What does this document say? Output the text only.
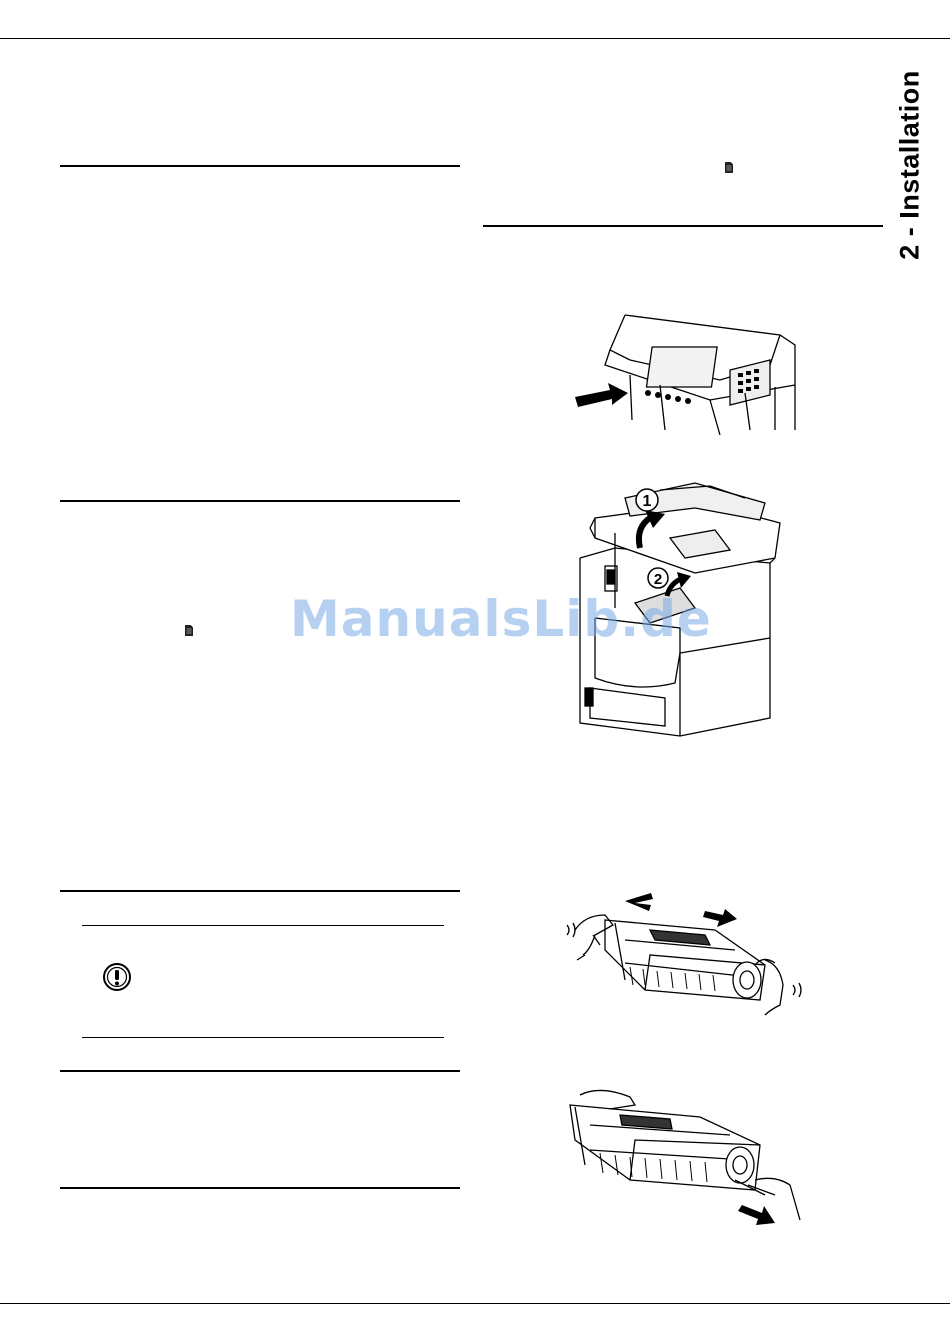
2 - Installation
1
2
ManualsLib.de
